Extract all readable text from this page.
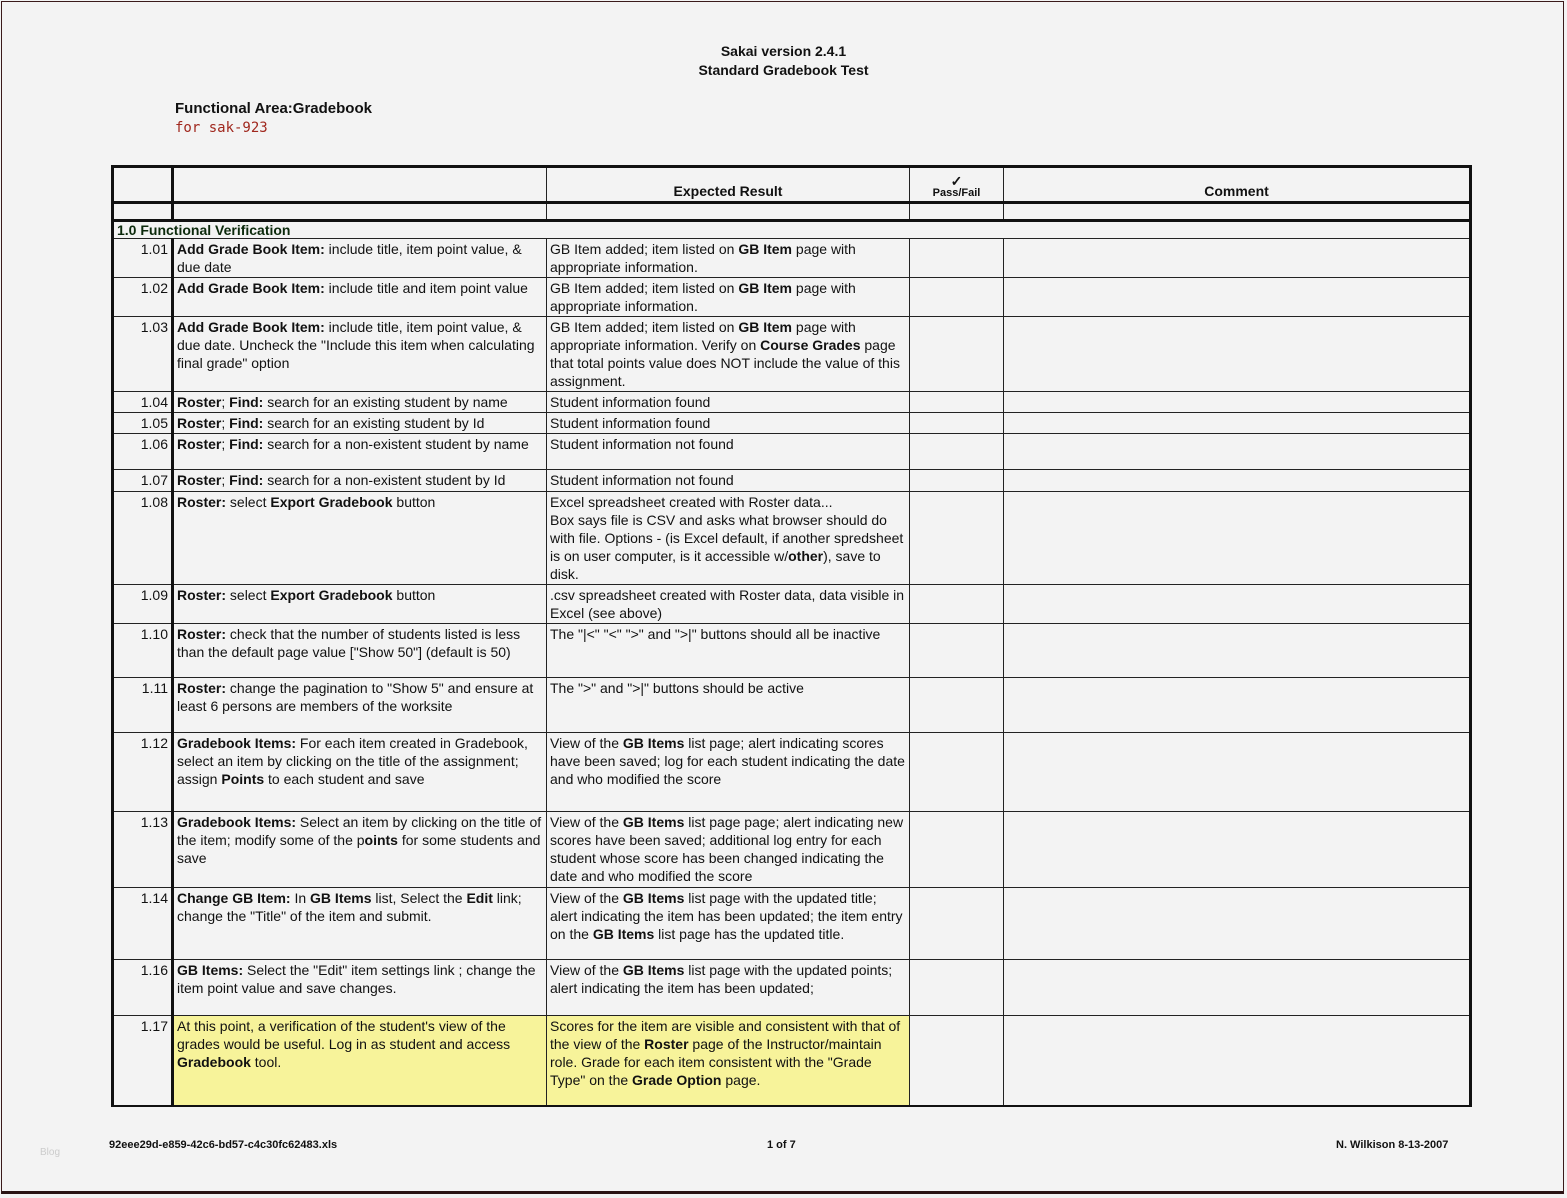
Sakai version 2.4.1
Standard Gradebook Test
Functional Area:Gradebook
for sak-923
		Expected Result	✓
Pass/Fail	Comment

1.0 Functional Verification				
1.01	Add Grade Book Item: include title, item point value, & due date	GB Item added; item listed on GB Item page with appropriate information.		
1.02	Add Grade Book Item: include title and item point value	GB Item added; item listed on GB Item page with appropriate information.		
1.03	Add Grade Book Item: include title, item point value, & due date. Uncheck the "Include this item when calculating final grade" option	GB Item added; item listed on GB Item page with appropriate information. Verify on Course Grades page that total points value does NOT include the value of this assignment.		
1.04	Roster; Find: search for an existing student by name	Student information found		
1.05	Roster; Find: search for an existing student by Id	Student information found		
1.06	Roster; Find: search for a non-existent student by name	Student information not found		
1.07	Roster; Find: search for a non-existent student by Id	Student information not found		
1.08	Roster: select Export Gradebook button	Excel spreadsheet created with Roster data...
Box says file is CSV and asks what browser should do with file. Options - (is Excel default, if another spredsheet is on user computer, is it accessible w/other), save to disk.		
1.09	Roster: select Export Gradebook button	.csv spreadsheet created with Roster data, data visible in Excel (see above)		
1.10	Roster: check that the number of students listed is less than the default page value ["Show 50"] (default is 50)	The "|<" "<" ">" and ">|" buttons should all be inactive		
1.11	Roster: change the pagination to "Show 5" and ensure at least 6 persons are members of the worksite	The ">" and ">|" buttons should be active		
1.12	Gradebook Items: For each item created in Gradebook, select an item by clicking on the title of the assignment; assign Points to each student and save	View of the GB Items list page; alert indicating scores have been saved; log for each student indicating the date and who modified the score		
1.13	Gradebook Items: Select an item by clicking on the title of the item; modify some of the points for some students and save	View of the GB Items list page page; alert indicating new scores have been saved; additional log entry for each student whose score has been changed indicating the date and who modified the score		
1.14	Change GB Item: In GB Items list, Select the Edit link; change the "Title" of the item and submit.	View of the GB Items list page with the updated title; alert indicating the item has been updated; the item entry on the GB Items list page has the updated title.		
1.16	GB Items: Select the "Edit" item settings link ; change the item point value and save changes.	View of the GB Items list page with the updated points; alert indicating the item has been updated;		
1.17	At this point, a verification of the student's view of the grades would be useful. Log in as student and access Gradebook tool.	Scores for the item are visible and consistent with that of the view of the Roster page of the Instructor/maintain role. Grade for each item consistent with the "Grade Type" on the Grade Option page.		
92eee29d-e859-42c6-bd57-c4c30fc62483.xls	1 of 7	N. Wilkison 8-13-2007
Blog
